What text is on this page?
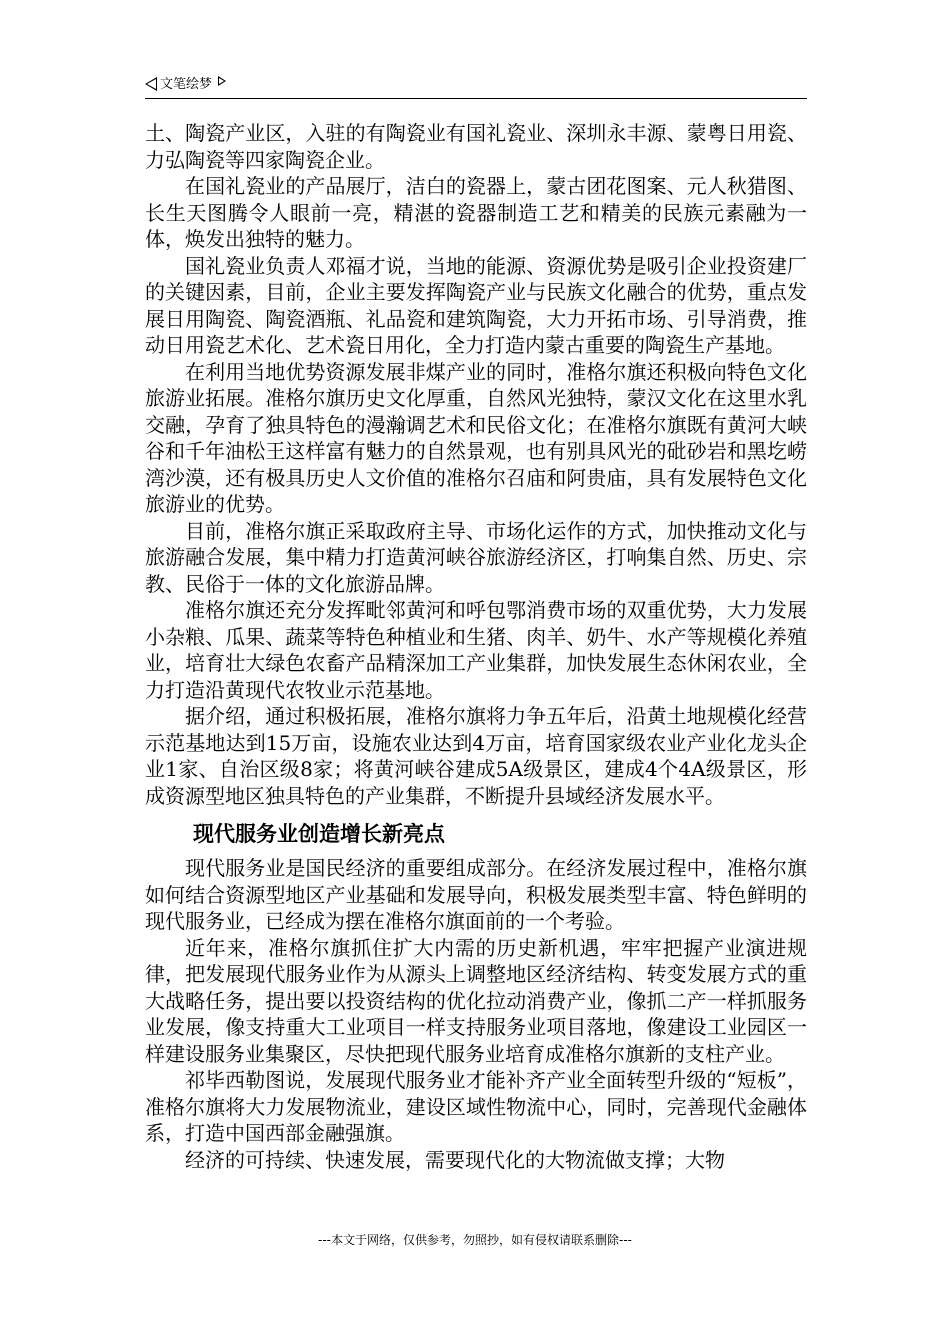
文笔绘梦

土、陶瓷产业区，入驻的有陶瓷业有国礼瓷业、深圳永丰源、蒙粤日用瓷、力弘陶瓷等四家陶瓷企业。

在国礼瓷业的产品展厅，洁白的瓷器上，蒙古团花图案、元人秋猎图、长生天图腾令人眼前一亮，精湛的瓷器制造工艺和精美的民族元素融为一体，焕发出独特的魅力。

国礼瓷业负责人邓福才说，当地的能源、资源优势是吸引企业投资建厂的关键因素，目前，企业主要发挥陶瓷产业与民族文化融合的优势，重点发展日用陶瓷、陶瓷酒瓶、礼品瓷和建筑陶瓷，大力开拓市场、引导消费，推动日用瓷艺术化、艺术瓷日用化，全力打造内蒙古重要的陶瓷生产基地。

在利用当地优势资源发展非煤产业的同时，准格尔旗还积极向特色文化旅游业拓展。准格尔旗历史文化厚重，自然风光独特，蒙汉文化在这里水乳交融，孕育了独具特色的漫瀚调艺术和民俗文化；在准格尔旗既有黄河大峡谷和千年油松王这样富有魅力的自然景观，也有别具风光的砒砂岩和黑圪崂湾沙漠，还有极具历史人文价值的准格尔召庙和阿贵庙，具有发展特色文化旅游业的优势。

目前，准格尔旗正采取政府主导、市场化运作的方式，加快推动文化与旅游融合发展，集中精力打造黄河峡谷旅游经济区，打响集自然、历史、宗教、民俗于一体的文化旅游品牌。

准格尔旗还充分发挥毗邻黄河和呼包鄂消费市场的双重优势，大力发展小杂粮、瓜果、蔬菜等特色种植业和生猪、肉羊、奶牛、水产等规模化养殖业，培育壮大绿色农畜产品精深加工产业集群，加快发展生态休闲农业，全力打造沿黄现代农牧业示范基地。

据介绍，通过积极拓展，准格尔旗将力争五年后，沿黄土地规模化经营示范基地达到15万亩，设施农业达到4万亩，培育国家级农业产业化龙头企业1家、自治区级8家；将黄河峡谷建成5A级景区，建成4个4A级景区，形成资源型地区独具特色的产业集群，不断提升县域经济发展水平。

现代服务业创造增长新亮点

现代服务业是国民经济的重要组成部分。在经济发展过程中，准格尔旗如何结合资源型地区产业基础和发展导向，积极发展类型丰富、特色鲜明的现代服务业，已经成为摆在准格尔旗面前的一个考验。

近年来，准格尔旗抓住扩大内需的历史新机遇，牢牢把握产业演进规律，把发展现代服务业作为从源头上调整地区经济结构、转变发展方式的重大战略任务，提出要以投资结构的优化拉动消费产业，像抓二产一样抓服务业发展，像支持重大工业项目一样支持服务业项目落地，像建设工业园区一样建设服务业集聚区，尽快把现代服务业培育成准格尔旗新的支柱产业。

祁毕西勒图说，发展现代服务业才能补齐产业全面转型升级的“短板”，准格尔旗将大力发展物流业，建设区域性物流中心，同时，完善现代金融体系，打造中国西部金融强旗。

经济的可持续、快速发展，需要现代化的大物流做支撑；大物

---本文于网络，仅供参考，勿照抄，如有侵权请联系删除---
